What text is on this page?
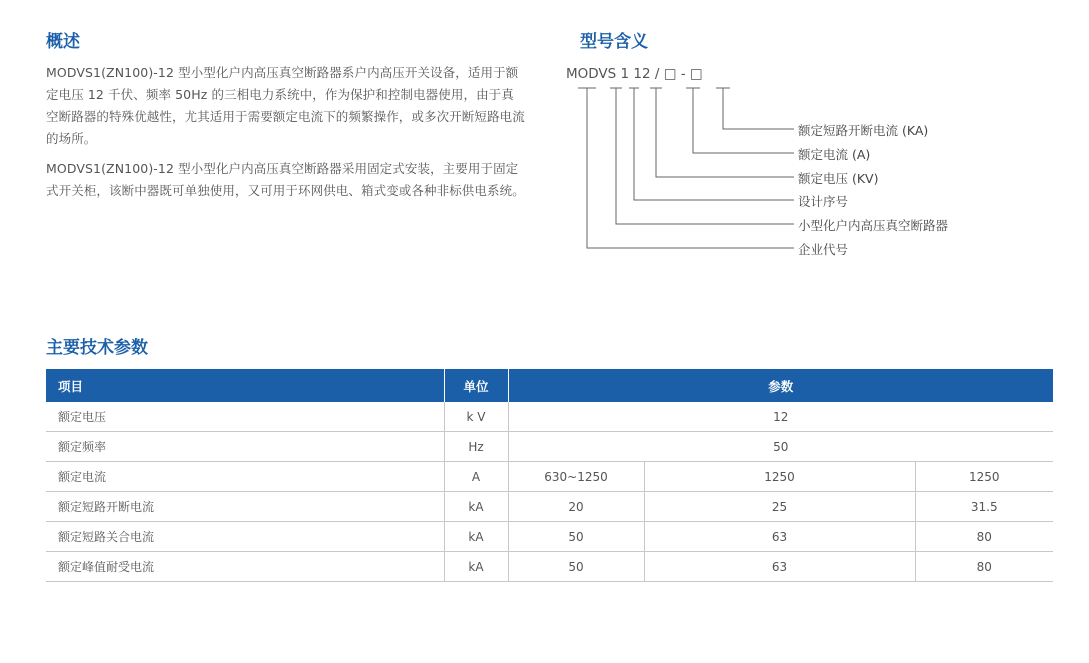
概述

MODVS1(ZN100)-12 型小型化户内高压真空断路器系户内高压开关设备，适用于额定电压 12 千伏、频率 50Hz 的三相电力系统中，作为保护和控制电器使用，由于真空断路器的特殊优越性，尤其适用于需要额定电流下的频繁操作，或多次开断短路电流的场所。

MODVS1(ZN100)-12 型小型化户内高压真空断路器采用固定式安装，主要用于固定式开关柜，该断中器既可单独使用，又可用于环网供电、箱式变或各种非标供电系统。

型号含义
MODVS 1 12 / □ - □
额定短路开断电流 (KA)
额定电流 (A)
额定电压 (KV)
设计序号
小型化户内高压真空断路器
企业代号
主要技术参数
项目	单位	参数		
额定电压	k V	12		
额定频率	Hz	50		
额定电流	A	630~1250	1250	1250
额定短路开断电流	kA	20	25	31.5
额定短路关合电流	kA	50	63	80
额定峰值耐受电流	kA	50	63	80
